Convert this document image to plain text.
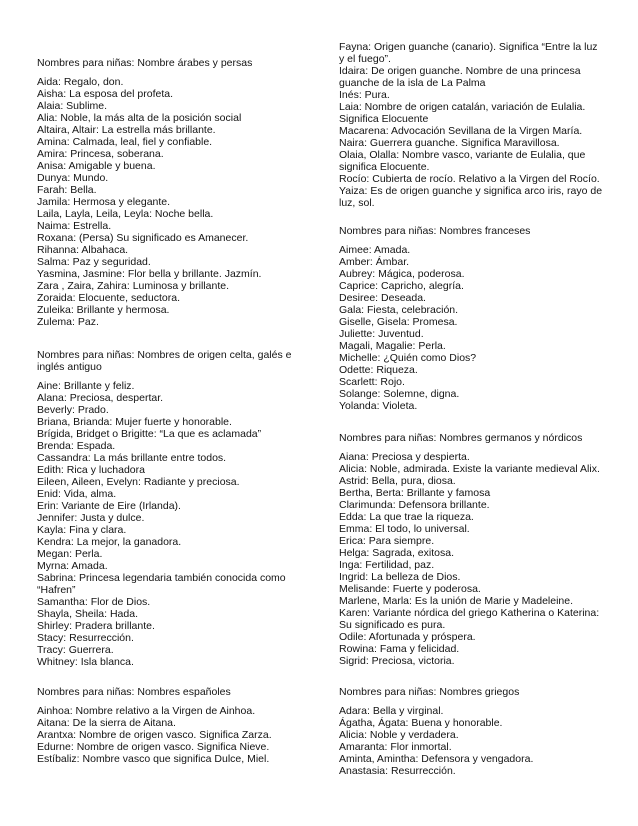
Nombres para niñas: Nombre árabes y persas
Aida: Regalo, don.
Aisha: La esposa del profeta.
Alaia: Sublime.
Alia: Noble, la más alta de la posición social
Altaira, Altair: La estrella más brillante.
Amina: Calmada, leal, fiel y confiable.
Amira: Princesa, soberana.
Anisa: Amigable y buena.
Dunya: Mundo.
Farah: Bella.
Jamila: Hermosa y elegante.
Laila, Layla, Leila, Leyla: Noche bella.
Naima: Estrella.
Roxana: (Persa) Su significado es Amanecer.
Rihanna: Albahaca.
Salma: Paz y seguridad.
Yasmina, Jasmine: Flor bella y brillante. Jazmín.
Zara , Zaira, Zahira: Luminosa y brillante.
Zoraida: Elocuente, seductora.
Zuleika: Brillante y hermosa.
Zulema: Paz.
Nombres para niñas: Nombres de origen celta, galés e
inglés antiguo
Aine: Brillante y feliz.
Alana: Preciosa, despertar.
Beverly: Prado.
Briana, Brianda: Mujer fuerte y honorable.
Brígida, Bridget o Brigitte: “La que es aclamada”
Brenda: Espada.
Cassandra: La más brillante entre todos.
Edith: Rica y luchadora
Eileen, Aileen, Evelyn: Radiante y preciosa.
Enid: Vida, alma.
Erin: Variante de Eire (Irlanda).
Jennifer: Justa y dulce.
Kayla: Fina y clara.
Kendra: La mejor, la ganadora.
Megan: Perla.
Myrna: Amada.
Sabrina: Princesa legendaria también conocida como
“Hafren”
Samantha: Flor de Dios.
Shayla, Sheila: Hada.
Shirley: Pradera brillante.
Stacy: Resurrección.
Tracy: Guerrera.
Whitney: Isla blanca.
Nombres para niñas: Nombres españoles
Ainhoa: Nombre relativo a la Virgen de Ainhoa.
Aitana: De la sierra de Aitana.
Arantxa: Nombre de origen vasco. Significa Zarza.
Edurne: Nombre de origen vasco. Significa Nieve.
Estíbaliz: Nombre vasco que significa Dulce, Miel.
Fayna: Origen guanche (canario). Significa “Entre la luz
y el fuego”.
Idaira: De origen guanche. Nombre de una princesa
guanche de la isla de La Palma
Inés: Pura.
Laia: Nombre de origen catalán, variación de Eulalia.
Significa Elocuente
Macarena: Advocación Sevillana de la Virgen María.
Naira: Guerrera guanche. Significa Maravillosa.
Olaia, Olalla: Nombre vasco, variante de Eulalia, que
significa Elocuente.
Rocío: Cubierta de rocío. Relativo a la Virgen del Rocío.
Yaiza: Es de origen guanche y significa arco iris, rayo de
luz, sol.
Nombres para niñas: Nombres franceses
Aimee: Amada.
Amber: Ámbar.
Aubrey: Mágica, poderosa.
Caprice: Capricho, alegría.
Desiree: Deseada.
Gala: Fiesta, celebración.
Giselle, Gisela: Promesa.
Juliette: Juventud.
Magali, Magalie: Perla.
Michelle: ¿Quién como Dios?
Odette: Riqueza.
Scarlett: Rojo.
Solange: Solemne, digna.
Yolanda: Violeta.
Nombres para niñas: Nombres germanos y nórdicos
Aiana: Preciosa y despierta.
Alicia: Noble, admirada. Existe la variante medieval Alix.
Astrid: Bella, pura, diosa.
Bertha, Berta: Brillante y famosa
Clarimunda: Defensora brillante.
Edda: La que trae la riqueza.
Emma: El todo, lo universal.
Erica: Para siempre.
Helga: Sagrada, exitosa.
Inga: Fertilidad, paz.
Ingrid: La belleza de Dios.
Melisande: Fuerte y poderosa.
Marlene, Marla: Es la unión de Marie y Madeleine.
Karen: Variante nórdica del griego Katherina o Katerina:
Su significado es pura.
Odile: Afortunada y próspera.
Rowina: Fama y felicidad.
Sigrid: Preciosa, victoria.
Nombres para niñas: Nombres griegos
Adara: Bella y virginal.
Ágatha, Ágata: Buena y honorable.
Alicia: Noble y verdadera.
Amaranta: Flor inmortal.
Aminta, Amintha: Defensora y vengadora.
Anastasia: Resurrección.
